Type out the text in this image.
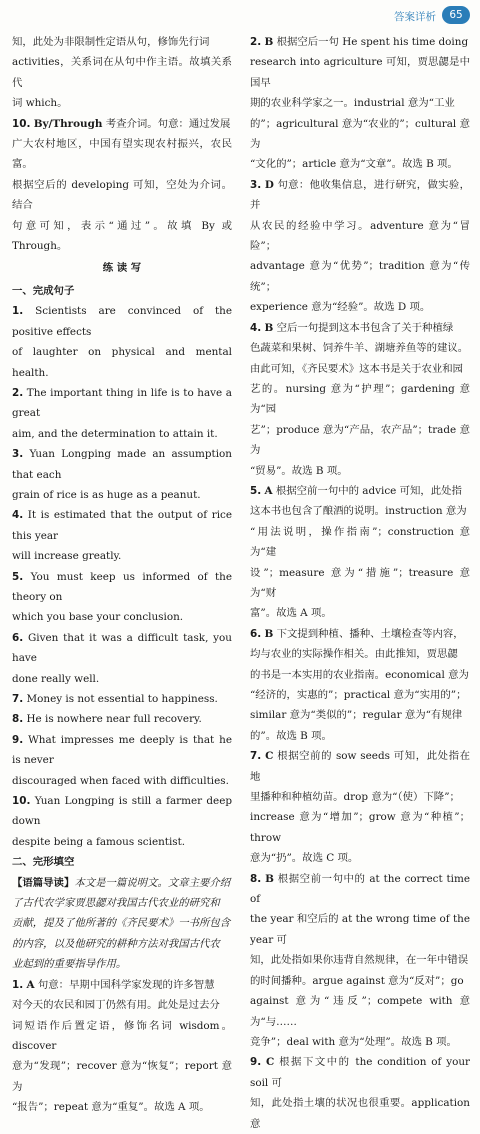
答案详析	65

知，此处为非限制性定语从句，修饰先行词

activities，关系词在从句中作主语。故填关系代

词 which。

10. By/Through 考查介词。句意：通过发展

广大农村地区，中国有望实现农村振兴，农民富。

根据空后的 developing 可知，空处为介词。结合

句意可知，表示“通过”。故填 By 或 Through。

练 读 写

一、完成句子

1. Scientists are convinced of the positive effects

of laughter on physical and mental health.

2. The important thing in life is to have a great

aim, and the determination to attain it.

3. Yuan Longping made an assumption that each

grain of rice is as huge as a peanut.

4. It is estimated that the output of rice this year

will increase greatly.

5. You must keep us informed of the theory on

which you base your conclusion.

6. Given that it was a difficult task, you have

done really well.

7. Money is not essential to happiness.

8. He is nowhere near full recovery.

9. What impresses me deeply is that he is never

discouraged when faced with difficulties.

10. Yuan Longping is still a farmer deep down

despite being a famous scientist.

二、完形填空

【语篇导读】本文是一篇说明文。文章主要介绍

了古代农学家贾思勰对我国古代农业的研究和

贡献，提及了他所著的《齐民要术》一书所包含

的内容，以及他研究的耕种方法对我国古代农

业起到的重要指导作用。

1. A 句意：早期中国科学家发现的许多智慧

对今天的农民和园丁仍然有用。此处是过去分

词短语作后置定语，修饰名词 wisdom。discover

意为“发现”；recover 意为“恢复”；report 意为

“报告”；repeat 意为“重复”。故选 A 项。

2. B 根据空后一句 He spent his time doing

research into agriculture 可知，贾思勰是中国早

期的农业科学家之一。industrial 意为“工业

的”；agricultural 意为“农业的”；cultural 意为

“文化的”；article 意为“文章”。故选 B 项。

3. D 句意：他收集信息，进行研究，做实验，并

从农民的经验中学习。adventure 意为“冒险”；

advantage 意为“优势”；tradition 意为“传统”；

experience 意为“经验”。故选 D 项。

4. B 空后一句提到这本书包含了关于种植绿

色蔬菜和果树、饲养牛羊、湖塘养鱼等的建议。

由此可知，《齐民要术》这本书是关于农业和园

艺的。nursing 意为“护理”；gardening 意为“园

艺”；produce 意为“产品，农产品”；trade 意为

“贸易”。故选 B 项。

5. A 根据空前一句中的 advice 可知，此处指

这本书也包含了酿酒的说明。instruction 意为

“用法说明，操作指南”；construction 意为“建

设”；measure 意为“措施”；treasure 意为“财

富”。故选 A 项。

6. B 下文提到种植、播种、土壤检查等内容，

均与农业的实际操作相关。由此推知，贾思勰

的书是一本实用的农业指南。economical 意为

“经济的，实惠的”；practical 意为“实用的”；

similar 意为“类似的”；regular 意为“有规律

的”。故选 B 项。

7. C 根据空前的 sow seeds 可知，此处指在地

里播种和种植幼苗。drop 意为“（使）下降”；

increase 意为“增加”；grow 意为“种植”；throw

意为“扔”。故选 C 项。

8. B 根据空前一句中的 at the correct time of

the year 和空后的 at the wrong time of the year 可

知，此处指如果你违背自然规律，在一年中错误

的时间播种。argue against 意为“反对”；go

against 意为“违反”；compete with 意为“与……

竞争”；deal with 意为“处理”。故选 B 项。

9. C 根据下文中的 the condition of your soil 可

知，此处指土壤的状况也很重要。application 意
